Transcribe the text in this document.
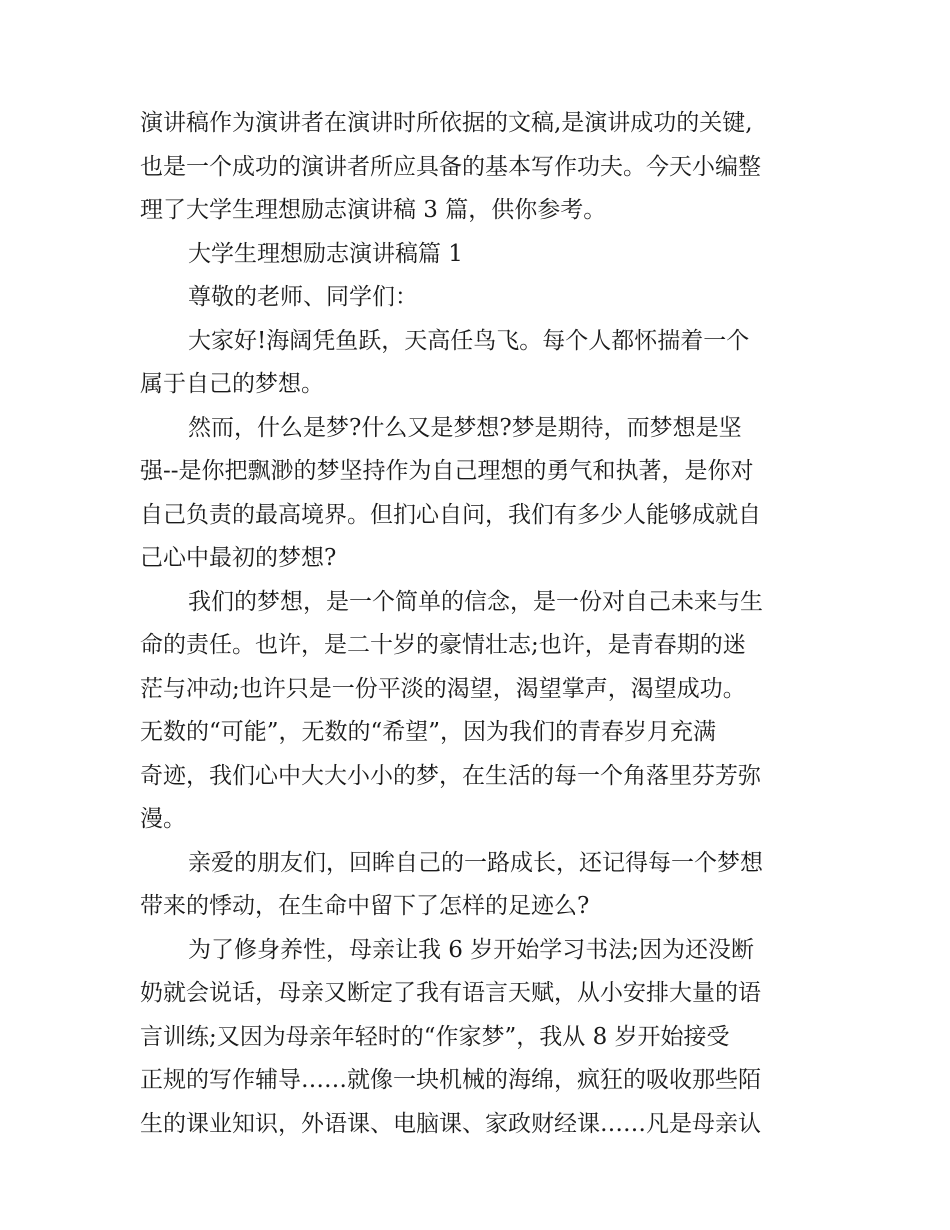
演讲稿作为演讲者在演讲时所依据的文稿,是演讲成功的关键,
也是一个成功的演讲者所应具备的基本写作功夫。今天小编整
理了大学生理想励志演讲稿 3 篇，供你参考。
大学生理想励志演讲稿篇 1
尊敬的老师、同学们：
大家好!海阔凭鱼跃，天高任鸟飞。每个人都怀揣着一个
属于自己的梦想。
然而，什么是梦?什么又是梦想?梦是期待，而梦想是坚
强--是你把飘渺的梦坚持作为自己理想的勇气和执著，是你对
自己负责的最高境界。但扪心自问，我们有多少人能够成就自
己心中最初的梦想?
我们的梦想，是一个简单的信念，是一份对自己未来与生
命的责任。也许，是二十岁的豪情壮志;也许，是青春期的迷
茫与冲动;也许只是一份平淡的渴望，渴望掌声，渴望成功。
无数的“可能”，无数的“希望”，因为我们的青春岁月充满
奇迹，我们心中大大小小的梦，在生活的每一个角落里芬芳弥
漫。
亲爱的朋友们，回眸自己的一路成长，还记得每一个梦想
带来的悸动，在生命中留下了怎样的足迹么?
为了修身养性，母亲让我 6 岁开始学习书法;因为还没断
奶就会说话，母亲又断定了我有语言天赋，从小安排大量的语
言训练;又因为母亲年轻时的“作家梦”，我从 8 岁开始接受
正规的写作辅导……就像一块机械的海绵，疯狂的吸收那些陌
生的课业知识，外语课、电脑课、家政财经课……凡是母亲认
